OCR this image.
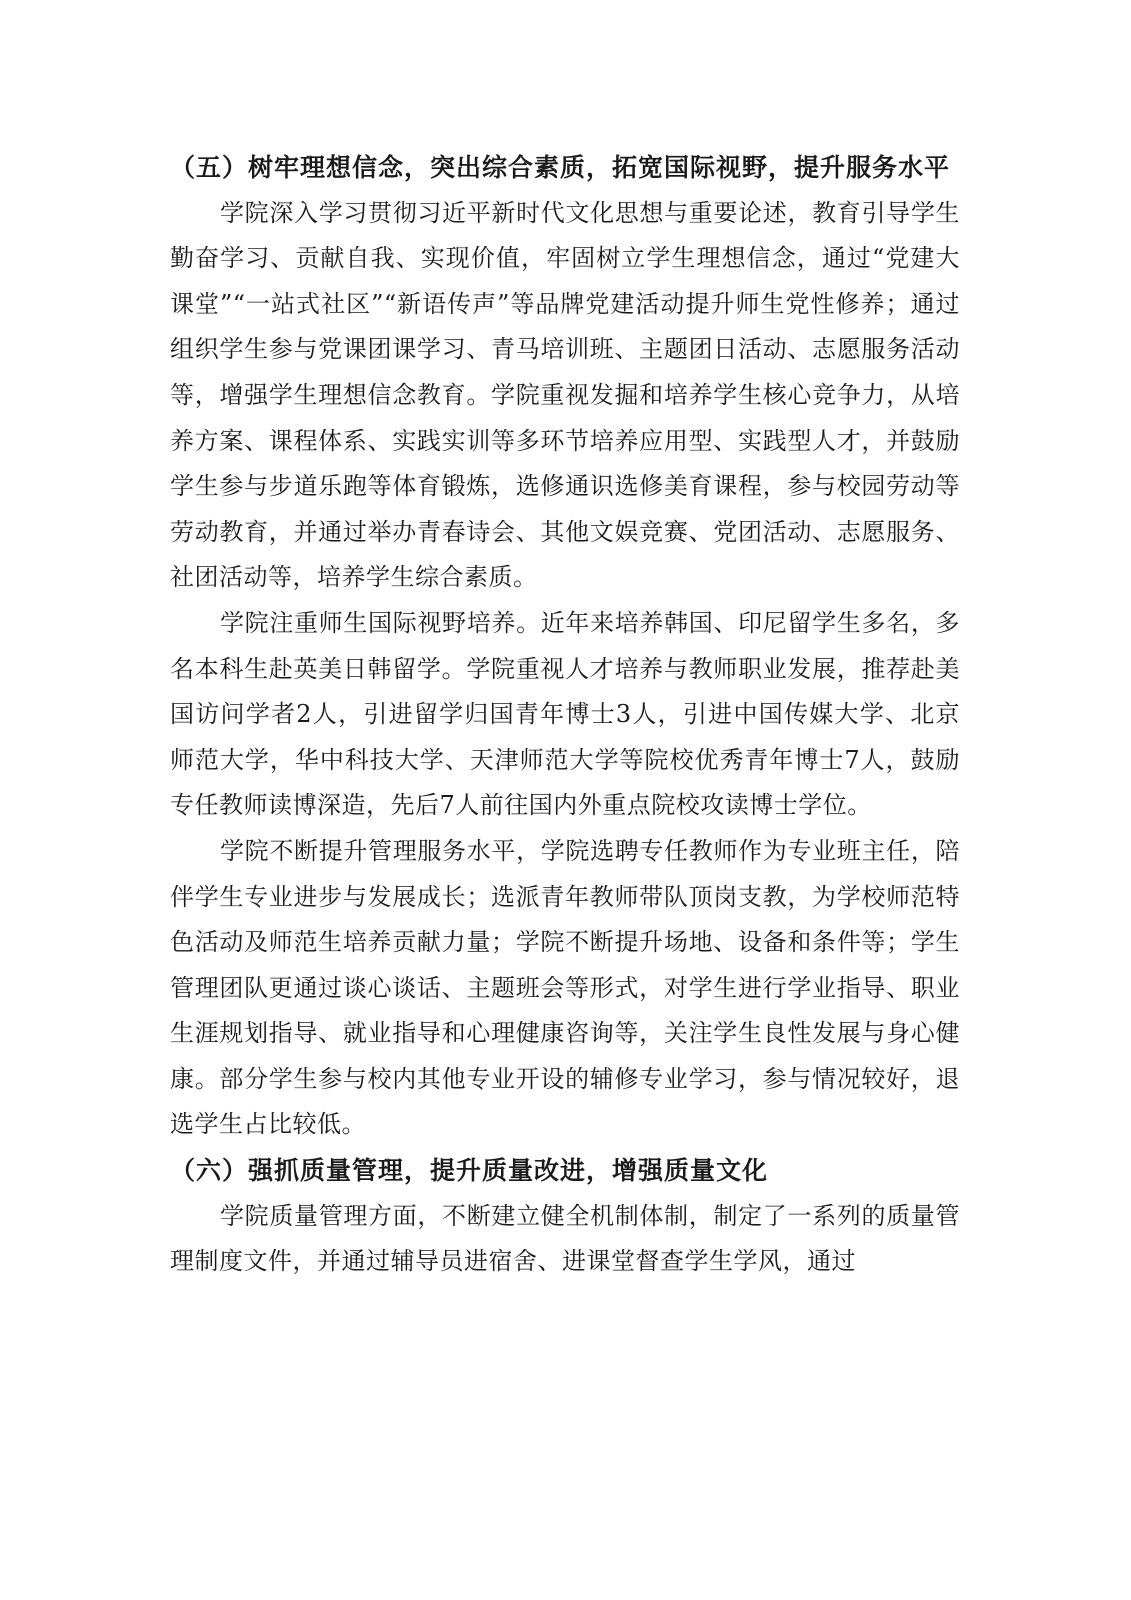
（五）树牢理想信念，突出综合素质，拓宽国际视野，提升服务水平

学院深入学习贯彻习近平新时代文化思想与重要论述，教育引导学生勤奋学习、贡献自我、实现价值，牢固树立学生理想信念，通过“党建大课堂”“一站式社区”“新语传声”等品牌党建活动提升师生党性修养；通过组织学生参与党课团课学习、青马培训班、主题团日活动、志愿服务活动等，增强学生理想信念教育。学院重视发掘和培养学生核心竞争力，从培养方案、课程体系、实践实训等多环节培养应用型、实践型人才，并鼓励学生参与步道乐跑等体育锻炼，选修通识选修美育课程，参与校园劳动等劳动教育，并通过举办青春诗会、其他文娱竞赛、党团活动、志愿服务、社团活动等，培养学生综合素质。

学院注重师生国际视野培养。近年来培养韩国、印尼留学生多名，多名本科生赴英美日韩留学。学院重视人才培养与教师职业发展，推荐赴美国访问学者2人，引进留学归国青年博士3人，引进中国传媒大学、北京师范大学，华中科技大学、天津师范大学等院校优秀青年博士7人，鼓励专任教师读博深造，先后7人前往国内外重点院校攻读博士学位。

学院不断提升管理服务水平，学院选聘专任教师作为专业班主任，陪伴学生专业进步与发展成长；选派青年教师带队顶岗支教，为学校师范特色活动及师范生培养贡献力量；学院不断提升场地、设备和条件等；学生管理团队更通过谈心谈话、主题班会等形式，对学生进行学业指导、职业生涯规划指导、就业指导和心理健康咨询等，关注学生良性发展与身心健康。部分学生参与校内其他专业开设的辅修专业学习，参与情况较好，退选学生占比较低。

（六）强抓质量管理，提升质量改进，增强质量文化

学院质量管理方面，不断建立健全机制体制，制定了一系列的质量管理制度文件，并通过辅导员进宿舍、进课堂督查学生学风，通过
